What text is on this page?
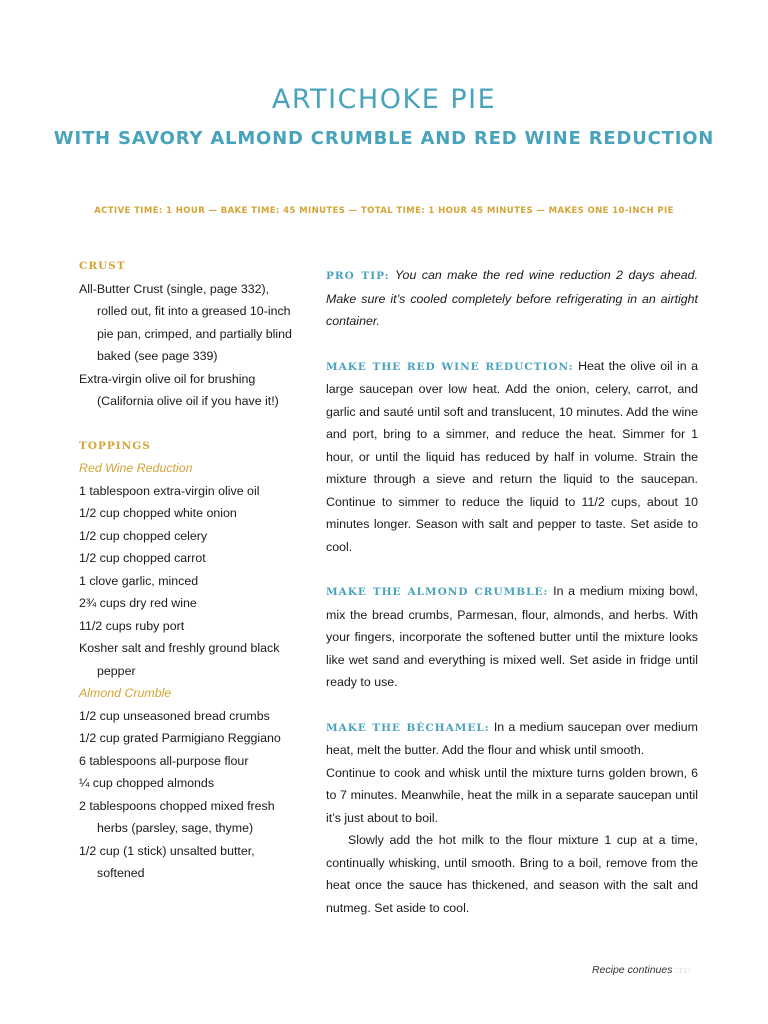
ARTICHOKE PIE
WITH SAVORY ALMOND CRUMBLE AND RED WINE REDUCTION
ACTIVE TIME: 1 HOUR — BAKE TIME: 45 MINUTES — TOTAL TIME: 1 HOUR 45 MINUTES — MAKES ONE 10-INCH PIE
CRUST
All-Butter Crust (single, page 332), rolled out, fit into a greased 10-inch pie pan, crimped, and partially blind baked (see page 339)
Extra-virgin olive oil for brushing (California olive oil if you have it!)
TOPPINGS
Red Wine Reduction
1 tablespoon extra-virgin olive oil
1/2 cup chopped white onion
1/2 cup chopped celery
1/2 cup chopped carrot
1 clove garlic, minced
2¾ cups dry red wine
11/2 cups ruby port
Kosher salt and freshly ground black pepper
Almond Crumble
1/2 cup unseasoned bread crumbs
1/2 cup grated Parmigiano Reggiano
6 tablespoons all-purpose flour
¼ cup chopped almonds
2 tablespoons chopped mixed fresh herbs (parsley, sage, thyme)
1/2 cup (1 stick) unsalted butter, softened
PRO TIP: You can make the red wine reduction 2 days ahead. Make sure it’s cooled completely before refrigerating in an airtight container.
MAKE THE RED WINE REDUCTION: Heat the olive oil in a large saucepan over low heat. Add the onion, celery, carrot, and garlic and sauté until soft and translucent, 10 minutes. Add the wine and port, bring to a simmer, and reduce the heat. Simmer for 1 hour, or until the liquid has reduced by half in volume. Strain the mixture through a sieve and return the liquid to the saucepan. Continue to simmer to reduce the liquid to 11/2 cups, about 10 minutes longer. Season with salt and pepper to taste. Set aside to cool.
MAKE THE ALMOND CRUMBLE: In a medium mixing bowl, mix the bread crumbs, Parmesan, flour, almonds, and herbs. With your fingers, incorporate the softened butter until the mixture looks like wet sand and everything is mixed well. Set aside in fridge until ready to use.
MAKE THE BÉCHAMEL: In a medium saucepan over medium heat, melt the butter. Add the flour and whisk until smooth.
Continue to cook and whisk until the mixture turns golden brown, 6 to 7 minutes. Meanwhile, heat the milk in a separate saucepan until it’s just about to boil.
Slowly add the hot milk to the flour mixture 1 cup at a time, continually whisking, until smooth. Bring to a boil, remove from the heat once the sauce has thickened, and season with the salt and nutmeg. Set aside to cool.
Recipe continues □□□
